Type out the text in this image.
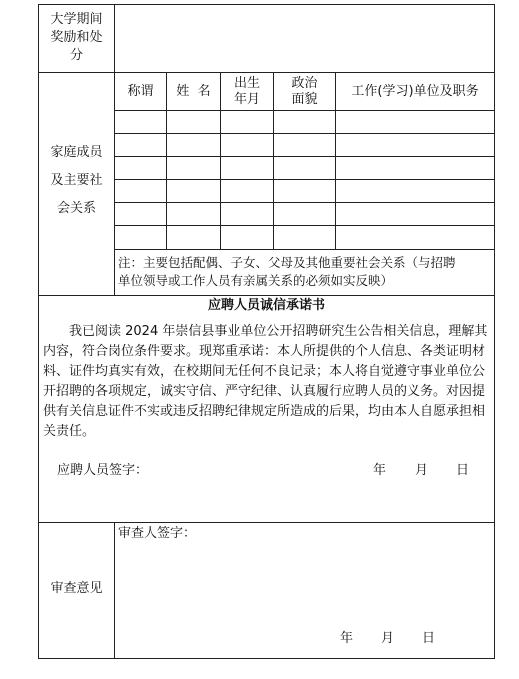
大学期间
奖励和处
分
家庭成员
及主要社
会关系
称谓	姓  名
出生
年月
政治
面貌
工作(学习)单位及职务
注：主要包括配偶、子女、父母及其他重要社会关系（与招聘
单位领导或工作人员有亲属关系的必须如实反映）
应聘人员诚信承诺书
我已阅读 2024 年崇信县事业单位公开招聘研究生公告相关信息，理解其内容，符合岗位条件要求。现郑重承诺：本人所提供的个人信息、各类证明材料、证件均真实有效，在校期间无任何不良记录；本人将自觉遵守事业单位公开招聘的各项规定，诚实守信、严守纪律、认真履行应聘人员的义务。对因提供有关信息证件不实或违反招聘纪律规定所造成的后果，均由本人自愿承担相关责任。
应聘人员签字：	年 月 日
审查意见
审查人签字：
年 月 日
